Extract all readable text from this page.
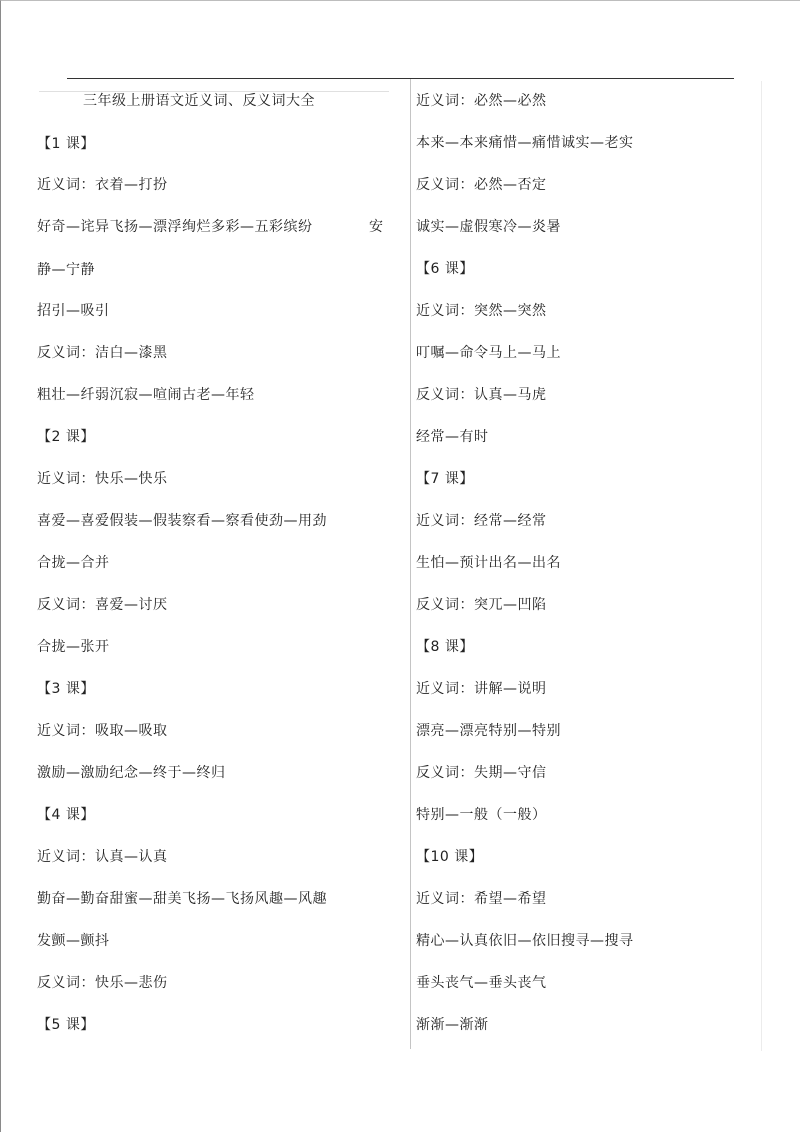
三年级上册语文近义词、反义词大全
【1 课】
近义词：衣着—打扮
好奇—诧异飞扬—漂浮绚烂多彩—五彩缤纷	安
静—宁静
招引—吸引
反义词：洁白—漆黑
粗壮—纤弱沉寂—喧闹古老—年轻
【2 课】
近义词：快乐—快乐
喜爱—喜爱假装—假装察看—察看使劲—用劲
合拢—合并
反义词：喜爱—讨厌
合拢—张开
【3 课】
近义词：吸取—吸取
激励—激励纪念—终于—终归
【4 课】
近义词：认真—认真
勤奋—勤奋甜蜜—甜美飞扬—飞扬风趣—风趣
发颤—颤抖
反义词：快乐—悲伤
【5 课】
近义词：必然—必然
本来—本来痛惜—痛惜诚实—老实
反义词：必然—否定
诚实—虚假寒冷—炎暑
【6 课】
近义词：突然—突然
叮嘱—命令马上—马上
反义词：认真—马虎
经常—有时
【7 课】
近义词：经常—经常
生怕—预计出名—出名
反义词：突兀—凹陷
【8 课】
近义词：讲解—说明
漂亮—漂亮特别—特别
反义词：失期—守信
特别—一般（一般）
【10 课】
近义词：希望—希望
精心—认真依旧—依旧搜寻—搜寻
垂头丧气—垂头丧气
渐渐—渐渐
